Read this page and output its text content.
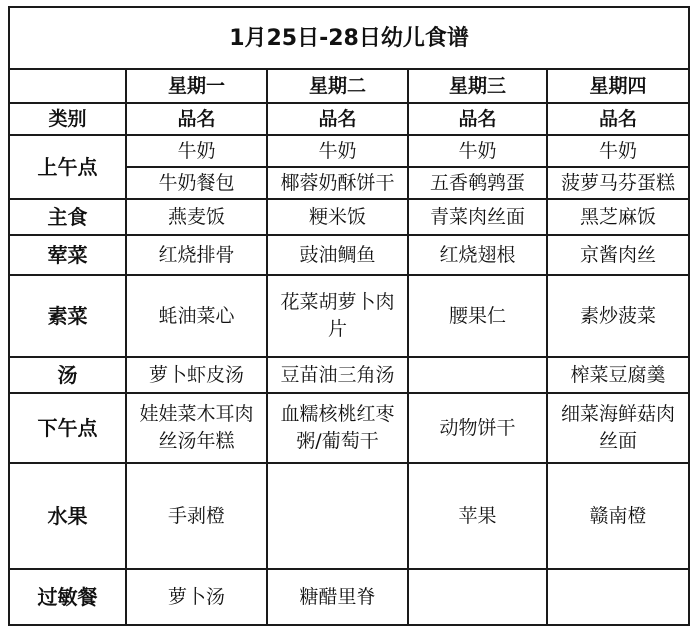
1月25日-28日幼儿食谱				
	星期一	星期二	星期三	星期四
类别	品名	品名	品名	品名
上午点	牛奶	牛奶	牛奶	牛奶
	牛奶餐包	椰蓉奶酥饼干	五香鹌鹑蛋	菠萝马芬蛋糕
主食	燕麦饭	粳米饭	青菜肉丝面	黑芝麻饭
荤菜	红烧排骨	豉油鲷鱼	红烧翅根	京酱肉丝
素菜	蚝油菜心	花菜胡萝卜肉片	腰果仁	素炒菠菜
汤	萝卜虾皮汤	豆苗油三角汤		榨菜豆腐羹
下午点	娃娃菜木耳肉丝汤年糕	血糯核桃红枣粥/葡萄干	动物饼干	细菜海鲜菇肉丝面
水果	手剥橙		苹果	赣南橙
过敏餐	萝卜汤	糖醋里脊		
